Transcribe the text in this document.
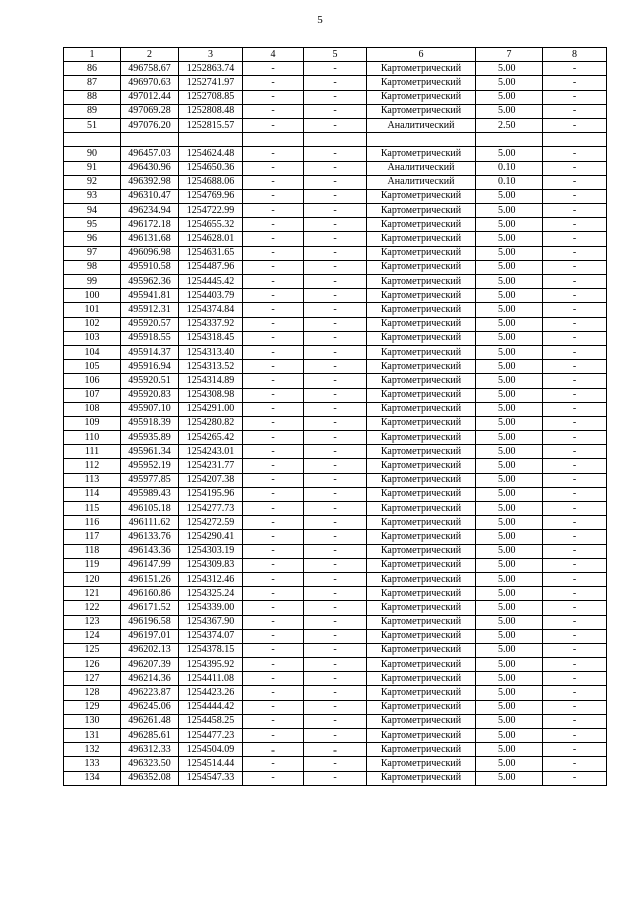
5
1	2	3	4	5	6	7	8
86	496758.67	1252863.74	-	-	Картометрический	5.00	-
87	496970.63	1252741.97	-	-	Картометрический	5.00	-
88	497012.44	1252708.85	-	-	Картометрический	5.00	-
89	497069.28	1252808.48	-	-	Картометрический	5.00	-
51	497076.20	1252815.57	-	-	Аналитический	2.50	-

90	496457.03	1254624.48	-	-	Картометрический	5.00	-
91	496430.96	1254650.36	-	-	Аналитический	0.10	-
92	496392.98	1254688.06	-	-	Аналитический	0.10	-
93	496310.47	1254769.96	-	-	Картометрический	5.00	-
94	496234.94	1254722.99	-	-	Картометрический	5.00	-
95	496172.18	1254655.32	-	-	Картометрический	5.00	-
96	496131.68	1254628.01	-	-	Картометрический	5.00	-
97	496096.98	1254631.65	-	-	Картометрический	5.00	-
98	495910.58	1254487.96	-	-	Картометрический	5.00	-
99	495962.36	1254445.42	-	-	Картометрический	5.00	-
100	495941.81	1254403.79	-	-	Картометрический	5.00	-
101	495912.31	1254374.84	-	-	Картометрический	5.00	-
102	495920.57	1254337.92	-	-	Картометрический	5.00	-
103	495918.55	1254318.45	-	-	Картометрический	5.00	-
104	495914.37	1254313.40	-	-	Картометрический	5.00	-
105	495916.94	1254313.52	-	-	Картометрический	5.00	-
106	495920.51	1254314.89	-	-	Картометрический	5.00	-
107	495920.83	1254308.98	-	-	Картометрический	5.00	-
108	495907.10	1254291.00	-	-	Картометрический	5.00	-
109	495918.39	1254280.82	-	-	Картометрический	5.00	-
110	495935.89	1254265.42	-	-	Картометрический	5.00	-
111	495961.34	1254243.01	-	-	Картометрический	5.00	-
112	495952.19	1254231.77	-	-	Картометрический	5.00	-
113	495977.85	1254207.38	-	-	Картометрический	5.00	-
114	495989.43	1254195.96	-	-	Картометрический	5.00	-
115	496105.18	1254277.73	-	-	Картометрический	5.00	-
116	496111.62	1254272.59	-	-	Картометрический	5.00	-
117	496133.76	1254290.41	-	-	Картометрический	5.00	-
118	496143.36	1254303.19	-	-	Картометрический	5.00	-
119	496147.99	1254309.83	-	-	Картометрический	5.00	-
120	496151.26	1254312.46	-	-	Картометрический	5.00	-
121	496160.86	1254325.24	-	-	Картометрический	5.00	-
122	496171.52	1254339.00	-	-	Картометрический	5.00	-
123	496196.58	1254367.90	-	-	Картометрический	5.00	-
124	496197.01	1254374.07	-	-	Картометрический	5.00	-
125	496202.13	1254378.15	-	-	Картометрический	5.00	-
126	496207.39	1254395.92	-	-	Картометрический	5.00	-
127	496214.36	1254411.08	-	-	Картометрический	5.00	-
128	496223.87	1254423.26	-	-	Картометрический	5.00	-
129	496245.06	1254444.42	-	-	Картометрический	5.00	-
130	496261.48	1254458.25	-	-	Картометрический	5.00	-
131	496285.61	1254477.23	-	-	Картометрический	5.00	-
132	496312.33	1254504.09	-	-	Картометрический	5.00	-
133	496323.50	1254514.44	-	-	Картометрический	5.00	-
134	496352.08	1254547.33	-	-	Картометрический	5.00	-
